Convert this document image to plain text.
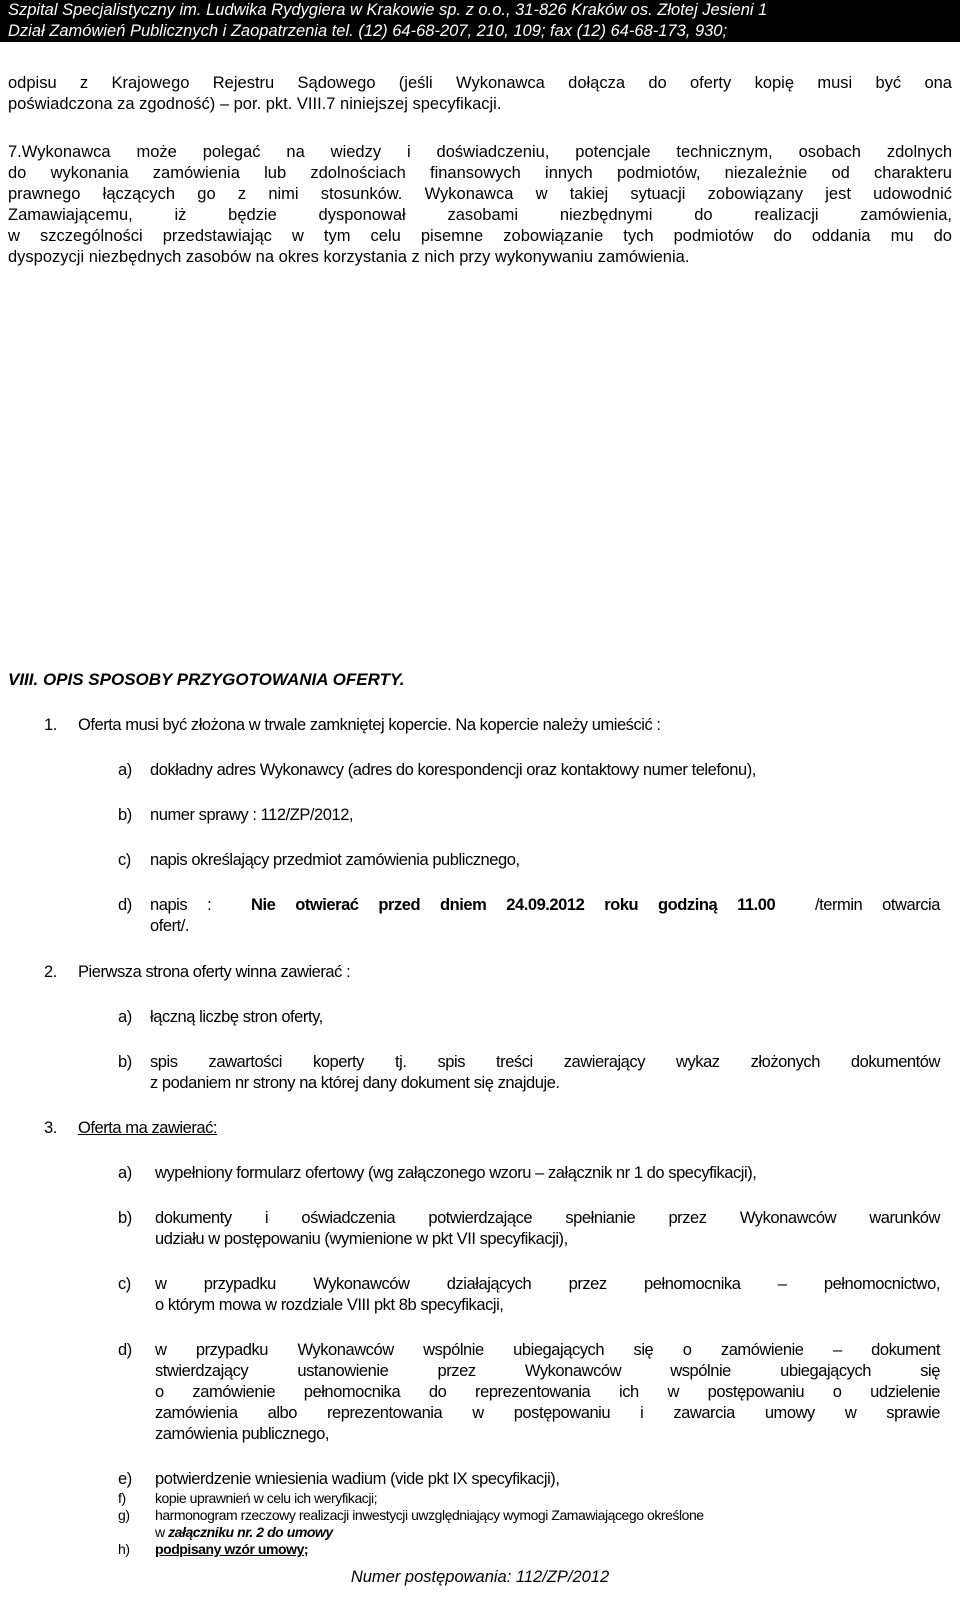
Szpital Specjalistyczny im. Ludwika Rydygiera w Krakowie sp. z o.o., 31-826 Kraków os. Złotej Jesieni 1
Dział Zamówień Publicznych i Zaopatrzenia tel. (12) 64-68-207, 210, 109; fax (12) 64-68-173, 930;
odpisu z Krajowego Rejestru Sądowego (jeśli Wykonawca dołącza do oferty kopię musi być ona
poświadczona za zgodność) – por. pkt. VIII.7 niniejszej specyfikacji.
7.Wykonawca może polegać na wiedzy i doświadczeniu, potencjale technicznym, osobach zdolnych
do wykonania zamówienia lub zdolnościach finansowych innych podmiotów, niezależnie od charakteru
prawnego łączących go z nimi stosunków. Wykonawca w takiej sytuacji zobowiązany jest udowodnić
Zamawiającemu, iż będzie dysponował zasobami niezbędnymi do realizacji zamówienia,
w szczególności przedstawiając w tym celu pisemne zobowiązanie tych podmiotów do oddania mu do
dyspozycji niezbędnych zasobów na okres korzystania z nich przy wykonywaniu zamówienia.
VIII. OPIS SPOSOBY PRZYGOTOWANIA OFERTY.
1. Oferta musi być złożona w trwale zamkniętej kopercie. Na kopercie należy umieścić :
a) dokładny adres Wykonawcy (adres do korespondencji oraz kontaktowy numer telefonu),
b) numer sprawy : 112/ZP/2012,
c) napis określający przedmiot zamówienia publicznego,
d) napis : Nie otwierać przed dniem 24.09.2012 roku godziną 11.00 /termin otwarcia
ofert/.
2. Pierwsza strona oferty winna zawierać :
a) łączną liczbę stron oferty,
b) spis zawartości koperty tj. spis treści zawierający wykaz złożonych dokumentów
z podaniem nr strony na której dany dokument się znajduje.
3. Oferta ma zawierać:
a) wypełniony formularz ofertowy (wg załączonego wzoru – załącznik nr 1 do specyfikacji),
b) dokumenty i oświadczenia potwierdzające spełnianie przez Wykonawców warunków
udziału w postępowaniu (wymienione w pkt VII specyfikacji),
c) w przypadku Wykonawców działających przez pełnomocnika – pełnomocnictwo,
o którym mowa w rozdziale VIII pkt 8b specyfikacji,
d) w przypadku Wykonawców wspólnie ubiegających się o zamówienie – dokument
stwierdzający ustanowienie przez Wykonawców wspólnie ubiegających się
o zamówienie pełnomocnika do reprezentowania ich w postępowaniu o udzielenie
zamówienia albo reprezentowania w postępowaniu i zawarcia umowy w sprawie
zamówienia publicznego,
e) potwierdzenie wniesienia wadium (vide pkt IX specyfikacji),
f) kopie uprawnień w celu ich weryfikacji;
g) harmonogram rzeczowy realizacji inwestycji uwzględniający wymogi Zamawiającego określone
w załączniku nr. 2 do umowy
h) podpisany wzór umowy;
Numer postępowania: 112/ZP/2012
